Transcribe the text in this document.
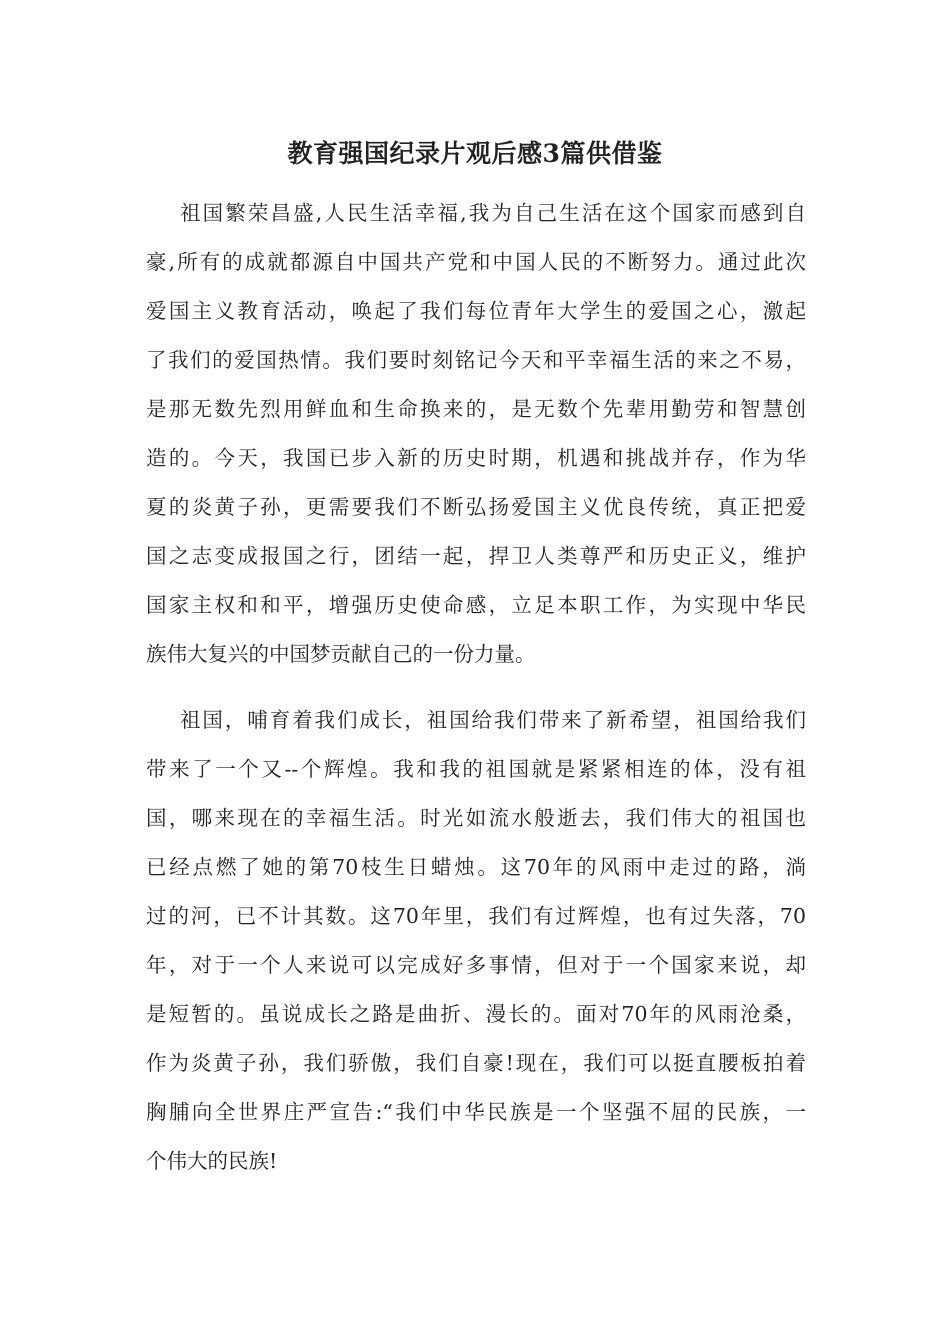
教育强国纪录片观后感3篇供借鉴
祖国繁荣昌盛,人民生活幸福,我为自己生活在这个国家而感到自
豪,所有的成就都源自中国共产党和中国人民的不断努力。通过此次
爱国主义教育活动，唤起了我们每位青年大学生的爱国之心，激起
了我们的爱国热情。我们要时刻铭记今天和平幸福生活的来之不易，
是那无数先烈用鲜血和生命换来的，是无数个先辈用勤劳和智慧创
造的。今天，我国已步入新的历史时期，机遇和挑战并存，作为华
夏的炎黄子孙，更需要我们不断弘扬爱国主义优良传统，真正把爱
国之志变成报国之行，团结一起，捍卫人类尊严和历史正义，维护
国家主权和和平，增强历史使命感，立足本职工作，为实现中华民
族伟大复兴的中国梦贡献自己的一份力量。
祖国，哺育着我们成长，祖国给我们带来了新希望，祖国给我们
带来了一个又--个辉煌。我和我的祖国就是紧紧相连的体，没有祖
国，哪来现在的幸福生活。时光如流水般逝去，我们伟大的祖国也
已经点燃了她的第70枝生日蜡烛。这70年的风雨中走过的路，淌
过的河，已不计其数。这70年里，我们有过辉煌，也有过失落，70
年，对于一个人来说可以完成好多事情，但对于一个国家来说，却
是短暂的。虽说成长之路是曲折、漫长的。面对70年的风雨沧桑，
作为炎黄子孙，我们骄傲，我们自豪!现在，我们可以挺直腰板拍着
胸脯向全世界庄严宣告:“我们中华民族是一个坚强不屈的民族，一
个伟大的民族!
